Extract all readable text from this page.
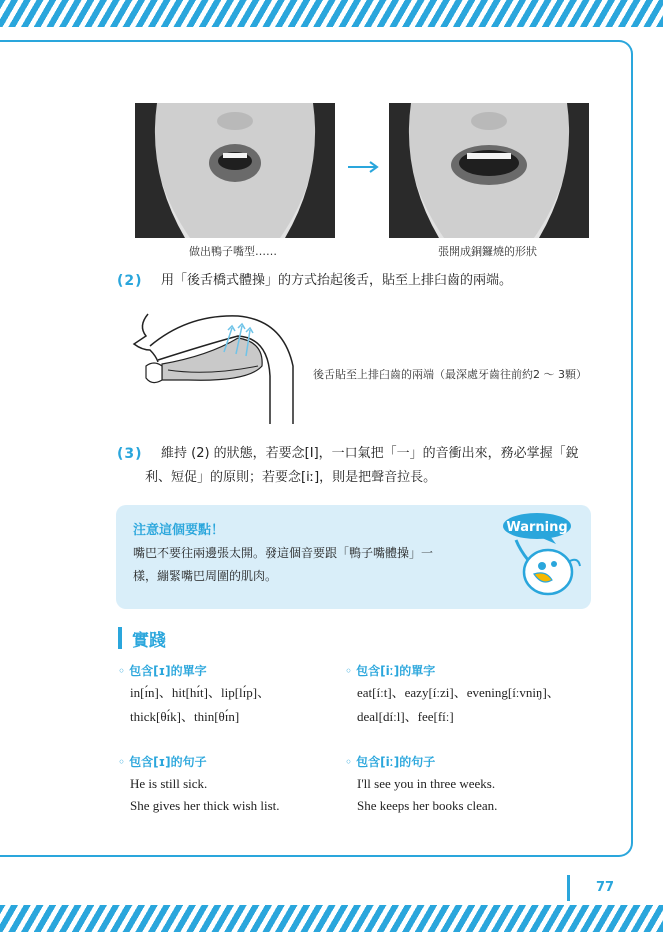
做出鴨子嘴型……	張開成銅鑼燒的形狀
(2) 用「後舌橋式體操」的方式抬起後舌，貼至上排臼齒的兩端。
後舌貼至上排臼齒的兩端（最深處牙齒往前約2 ～ 3顆）
(3) 維持 (2) 的狀態，若要念[I]，一口氣把「一」的音衝出來，務必掌握「銳
利、短促」的原則；若要念[iː]，則是把聲音拉長。
注意這個要點！
嘴巴不要往兩邊張太開。發這個音要跟「鴨子嘴體操」一
樣，繃緊嘴巴周圍的肌肉。
Warning
實踐
◦ 包含[ɪ]的單字
in[ɪ́n]、hit[hɪ́t]、lip[lɪ́p]、
thick[θɪ́k]、thin[θɪ́n]
◦ 包含[iː]的單字
eat[íːt]、eazy[íːzi]、evening[íːvniŋ]、
deal[díːl]、fee[fíː]
◦ 包含[ɪ]的句子
He is still sick.
She gives her thick wish list.
◦ 包含[iː]的句子
I'll see you in three weeks.
She keeps her books clean.
77
